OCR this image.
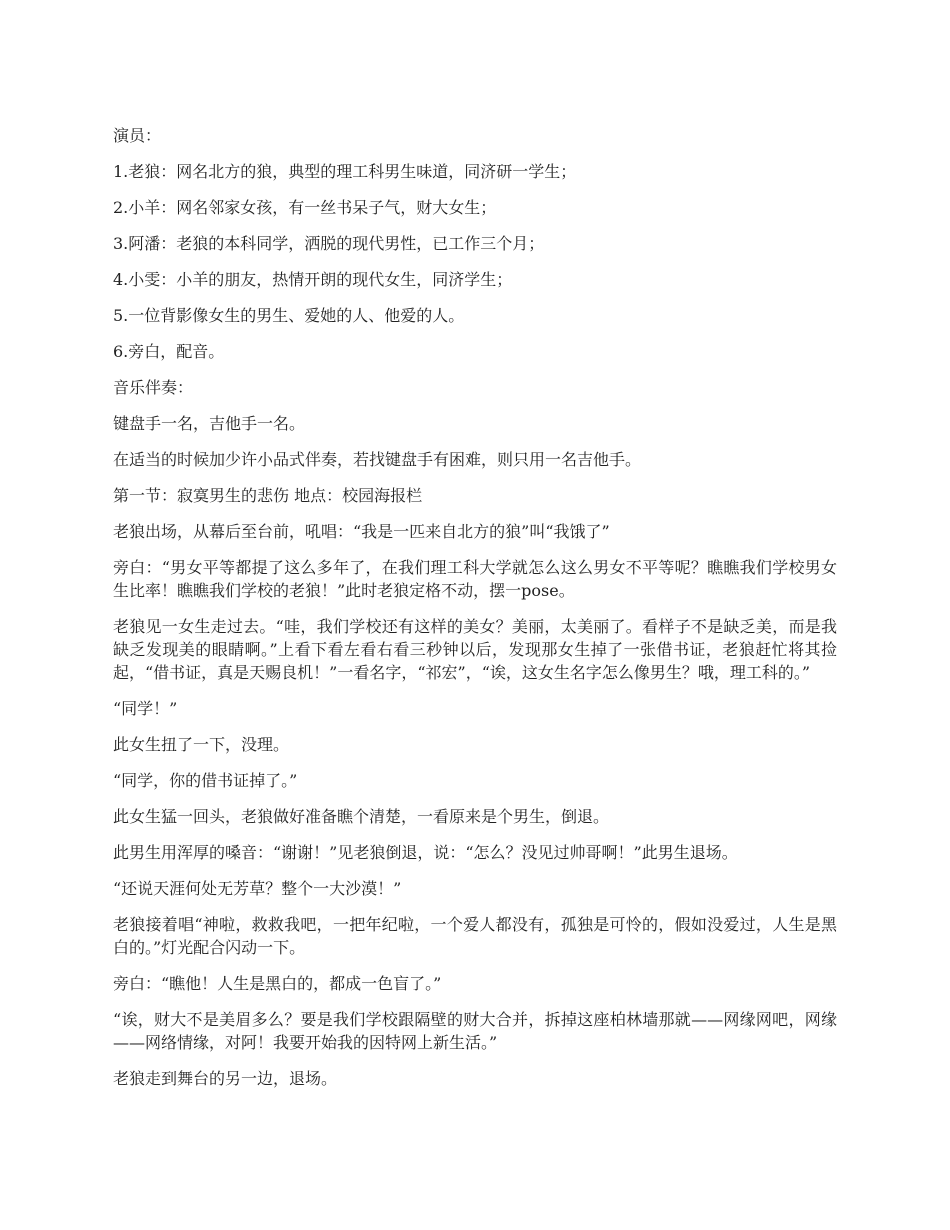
演员：

1.老狼：网名北方的狼，典型的理工科男生味道，同济研一学生；

2.小羊：网名邻家女孩，有一丝书呆子气，财大女生；

3.阿潘：老狼的本科同学，洒脱的现代男性，已工作三个月；

4.小雯：小羊的朋友，热情开朗的现代女生，同济学生；

5.一位背影像女生的男生、爱她的人、他爱的人。

6.旁白，配音。

音乐伴奏：

键盘手一名，吉他手一名。

在适当的时候加少许小品式伴奏，若找键盘手有困难，则只用一名吉他手。

第一节：寂寞男生的悲伤 地点：校园海报栏

老狼出场，从幕后至台前，吼唱：“我是一匹来自北方的狼”叫“我饿了”

旁白：“男女平等都提了这么多年了，在我们理工科大学就怎么这么男女不平等呢？瞧瞧我们学校男女生比率！瞧瞧我们学校的老狼！”此时老狼定格不动，摆一pose。

老狼见一女生走过去。“哇，我们学校还有这样的美女？美丽，太美丽了。看样子不是缺乏美，而是我缺乏发现美的眼睛啊。”上看下看左看右看三秒钟以后，发现那女生掉了一张借书证，老狼赶忙将其捡起，“借书证，真是天赐良机！”一看名字，“祁宏”，“诶，这女生名字怎么像男生？哦，理工科的。”

“同学！”

此女生扭了一下，没理。

“同学，你的借书证掉了。”

此女生猛一回头，老狼做好准备瞧个清楚，一看原来是个男生，倒退。

此男生用浑厚的嗓音：“谢谢！”见老狼倒退，说：“怎么？没见过帅哥啊！”此男生退场。

“还说天涯何处无芳草？整个一大沙漠！”

老狼接着唱“神啦，救救我吧，一把年纪啦，一个爱人都没有，孤独是可怜的，假如没爱过，人生是黑白的。”灯光配合闪动一下。

旁白：“瞧他！人生是黑白的，都成一色盲了。”

“诶，财大不是美眉多么？要是我们学校跟隔壁的财大合并，拆掉这座柏林墙那就——网缘网吧，网缘——网络情缘，对阿！我要开始我的因特网上新生活。”

老狼走到舞台的另一边，退场。
